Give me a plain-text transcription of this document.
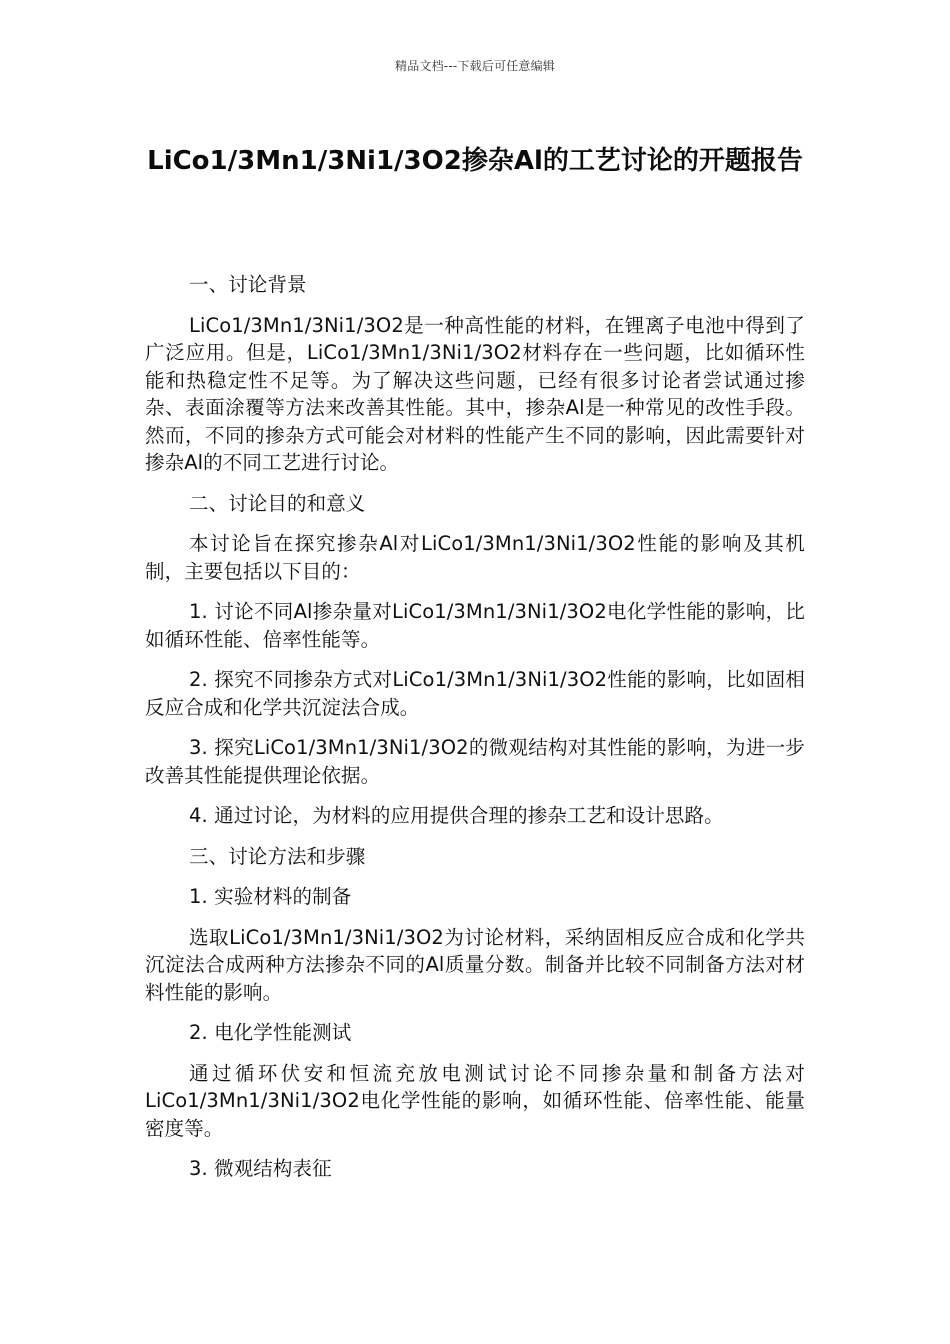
精品文档---下载后可任意编辑
LiCo1/3Mn1/3Ni1/3O2掺杂Al的工艺讨论的开题报告

一、讨论背景

LiCo1/3Mn1/3Ni1/3O2是一种高性能的材料，在锂离子电池中得到了广泛应用。但是，LiCo1/3Mn1/3Ni1/3O2材料存在一些问题，比如循环性能和热稳定性不足等。为了解决这些问题，已经有很多讨论者尝试通过掺杂、表面涂覆等方法来改善其性能。其中，掺杂Al是一种常见的改性手段。然而，不同的掺杂方式可能会对材料的性能产生不同的影响，因此需要针对掺杂Al的不同工艺进行讨论。

二、讨论目的和意义

本讨论旨在探究掺杂Al对LiCo1/3Mn1/3Ni1/3O2性能的影响及其机制，主要包括以下目的：

1. 讨论不同Al掺杂量对LiCo1/3Mn1/3Ni1/3O2电化学性能的影响，比如循环性能、倍率性能等。

2. 探究不同掺杂方式对LiCo1/3Mn1/3Ni1/3O2性能的影响，比如固相反应合成和化学共沉淀法合成。

3. 探究LiCo1/3Mn1/3Ni1/3O2的微观结构对其性能的影响，为进一步改善其性能提供理论依据。

4. 通过讨论，为材料的应用提供合理的掺杂工艺和设计思路。

三、讨论方法和步骤

1. 实验材料的制备

选取LiCo1/3Mn1/3Ni1/3O2为讨论材料，采纳固相反应合成和化学共沉淀法合成两种方法掺杂不同的Al质量分数。制备并比较不同制备方法对材料性能的影响。

2. 电化学性能测试

通过循环伏安和恒流充放电测试讨论不同掺杂量和制备方法对LiCo1/3Mn1/3Ni1/3O2电化学性能的影响，如循环性能、倍率性能、能量密度等。

3. 微观结构表征
